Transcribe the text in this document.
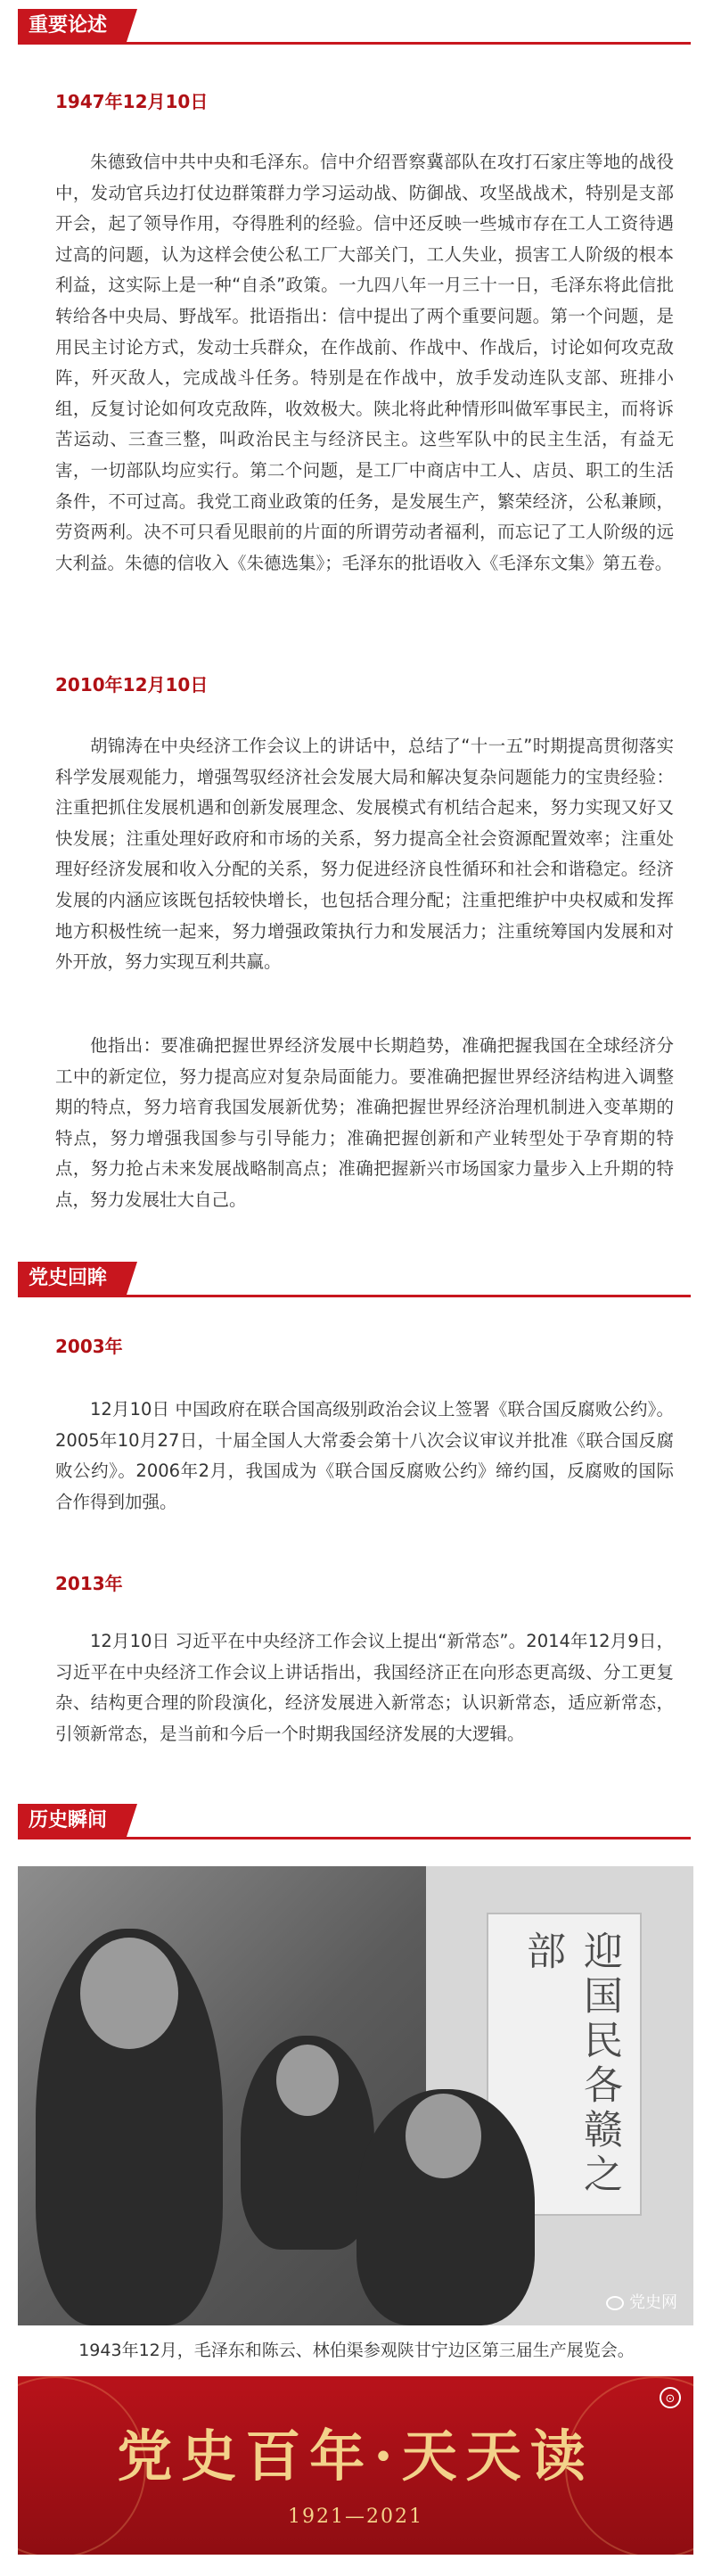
重要论述
1947年12月10日

朱德致信中共中央和毛泽东。信中介绍晋察冀部队在攻打石家庄等地的战役中，发动官兵边打仗边群策群力学习运动战、防御战、攻坚战战术，特别是支部开会，起了领导作用，夺得胜利的经验。信中还反映一些城市存在工人工资待遇过高的问题，认为这样会使公私工厂大部关门，工人失业，损害工人阶级的根本利益，这实际上是一种“自杀”政策。一九四八年一月三十一日，毛泽东将此信批转给各中央局、野战军。批语指出：信中提出了两个重要问题。第一个问题，是用民主讨论方式，发动士兵群众，在作战前、作战中、作战后，讨论如何攻克敌阵，歼灭敌人，完成战斗任务。特别是在作战中，放手发动连队支部、班排小组，反复讨论如何攻克敌阵，收效极大。陕北将此种情形叫做军事民主，而将诉苦运动、三查三整，叫政治民主与经济民主。这些军队中的民主生活，有益无害，一切部队均应实行。第二个问题，是工厂中商店中工人、店员、职工的生活条件，不可过高。我党工商业政策的任务，是发展生产，繁荣经济，公私兼顾，劳资两利。决不可只看见眼前的片面的所谓劳动者福利，而忘记了工人阶级的远大利益。朱德的信收入《朱德选集》；毛泽东的批语收入《毛泽东文集》第五卷。

2010年12月10日

胡锦涛在中央经济工作会议上的讲话中，总结了“十一五”时期提高贯彻落实科学发展观能力，增强驾驭经济社会发展大局和解决复杂问题能力的宝贵经验：注重把抓住发展机遇和创新发展理念、发展模式有机结合起来，努力实现又好又快发展；注重处理好政府和市场的关系，努力提高全社会资源配置效率；注重处理好经济发展和收入分配的关系，努力促进经济良性循环和社会和谐稳定。经济发展的内涵应该既包括较快增长，也包括合理分配；注重把维护中央权威和发挥地方积极性统一起来，努力增强政策执行力和发展活力；注重统筹国内发展和对外开放，努力实现互利共赢。

他指出：要准确把握世界经济发展中长期趋势，准确把握我国在全球经济分工中的新定位，努力提高应对复杂局面能力。要准确把握世界经济结构进入调整期的特点，努力培育我国发展新优势；准确把握世界经济治理机制进入变革期的特点，努力增强我国参与引导能力；准确把握创新和产业转型处于孕育期的特点，努力抢占未来发展战略制高点；准确把握新兴市场国家力量步入上升期的特点，努力发展壮大自己。

党史回眸
2003年

12月10日 中国政府在联合国高级别政治会议上签署《联合国反腐败公约》。2005年10月27日，十届全国人大常委会第十八次会议审议并批准《联合国反腐败公约》。2006年2月，我国成为《联合国反腐败公约》缔约国，反腐败的国际合作得到加强。

2013年

12月10日 习近平在中央经济工作会议上提出“新常态”。2014年12月9日，习近平在中央经济工作会议上讲话指出，我国经济正在向形态更高级、分工更复杂、结构更合理的阶段演化，经济发展进入新常态；认识新常态，适应新常态，引领新常态，是当前和今后一个时期我国经济发展的大逻辑。

历史瞬间
迎国民各赣之部
党史网
1943年12月，毛泽东和陈云、林伯渠参观陕甘宁边区第三届生产展览会。
⊙
党史百年·天天读
1921—2021
